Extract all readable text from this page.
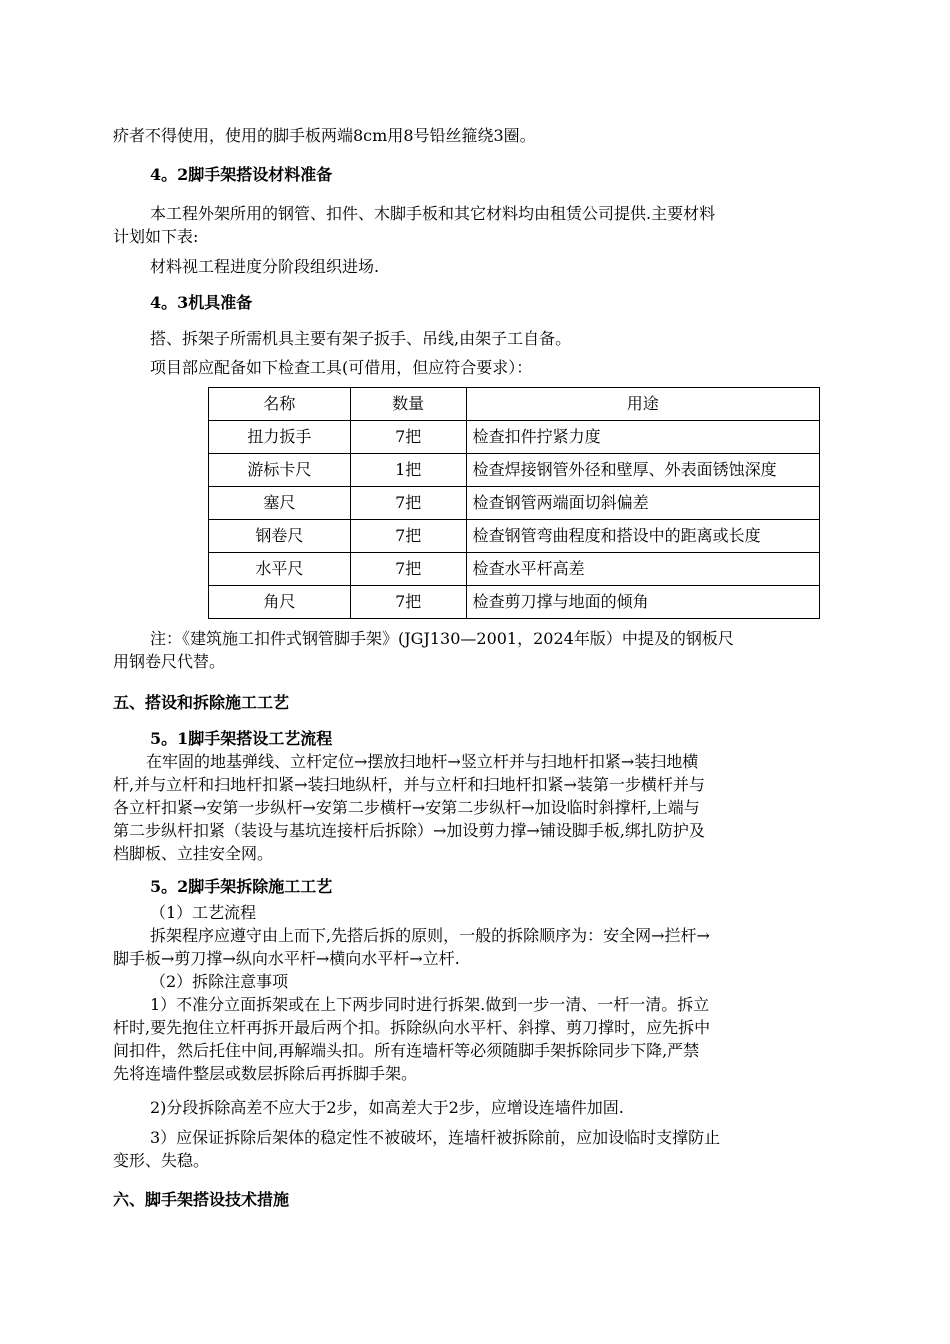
疥者不得使用，使用的脚手板两端8cm用8号铅丝箍绕3圈。
4。2脚手架搭设材料准备
本工程外架所用的钢管、扣件、木脚手板和其它材料均由租赁公司提供.主要材料
计划如下表:
材料视工程进度分阶段组织进场.
4。3机具准备
搭、拆架子所需机具主要有架子扳手、吊线,由架子工自备。
项目部应配备如下检查工具(可借用，但应符合要求）：
名称	数量	用途
扭力扳手	7把	检查扣件拧紧力度
游标卡尺	1把	检查焊接钢管外径和壁厚、外表面锈蚀深度
塞尺	7把	检查钢管两端面切斜偏差
钢卷尺	7把	检查钢管弯曲程度和搭设中的距离或长度
水平尺	7把	检查水平杆高差
角尺	7把	检查剪刀撑与地面的倾角
注：《建筑施工扣件式钢管脚手架》(JGJ130—2001，2024年版）中提及的钢板尺
用钢卷尺代替。
五、搭设和拆除施工工艺
5。1脚手架搭设工艺流程
在牢固的地基弹线、立杆定位→摆放扫地杆→竖立杆并与扫地杆扣紧→装扫地横
杆,并与立杆和扫地杆扣紧→装扫地纵杆，并与立杆和扫地杆扣紧→装第一步横杆并与
各立杆扣紧→安第一步纵杆→安第二步横杆→安第二步纵杆→加设临时斜撑杆,上端与
第二步纵杆扣紧（装设与基坑连接杆后拆除）→加设剪力撑→铺设脚手板,绑扎防护及
档脚板、立挂安全网。
5。2脚手架拆除施工工艺
（1）工艺流程
拆架程序应遵守由上而下,先搭后拆的原则，一般的拆除顺序为：安全网→拦杆→
脚手板→剪刀撑→纵向水平杆→横向水平杆→立杆.
（2）拆除注意事项
1）不准分立面拆架或在上下两步同时进行拆架.做到一步一清、一杆一清。拆立
杆时,要先抱住立杆再拆开最后两个扣。拆除纵向水平杆、斜撑、剪刀撑时，应先拆中
间扣件，然后托住中间,再解端头扣。所有连墙杆等必须随脚手架拆除同步下降,严禁
先将连墙件整层或数层拆除后再拆脚手架。
2)分段拆除高差不应大于2步，如高差大于2步，应增设连墙件加固.
3）应保证拆除后架体的稳定性不被破坏，连墙杆被拆除前，应加设临时支撑防止
变形、失稳。
六、脚手架搭设技术措施
